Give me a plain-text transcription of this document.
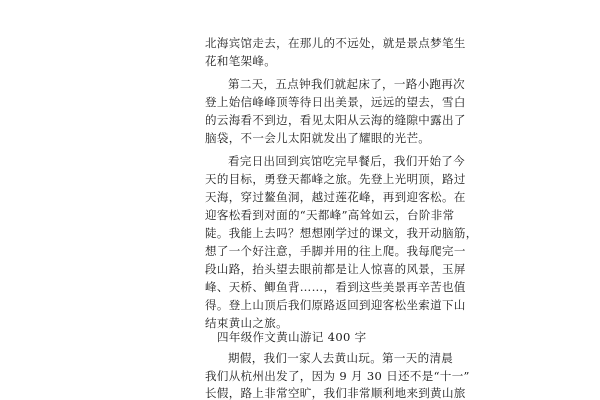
北海宾馆走去，在那儿的不远处，就是景点梦笔生
花和笔架峰。
第二天，五点钟我们就起床了，一路小跑再次
登上始信峰峰顶等待日出美景，远远的望去，雪白
的云海看不到边，看见太阳从云海的缝隙中露出了
脑袋，不一会儿太阳就发出了耀眼的光芒。
看完日出回到宾馆吃完早餐后，我们开始了今
天的目标，勇登天都峰之旅。先登上光明顶，路过
天海，穿过鳌鱼洞，越过莲花峰，再到迎客松。在
迎客松看到对面的“天都峰”高耸如云，台阶非常
陡。我能上去吗？想想刚学过的课文，我开动脑筋，
想了一个好注意，手脚并用的往上爬。我每爬完一
段山路，抬头望去眼前都是让人惊喜的风景，玉屏
峰、天桥、鲫鱼背……，看到这些美景再辛苦也值
得。登上山顶后我们原路返回到迎客松坐索道下山
结束黄山之旅。
四年级作文黄山游记 400 字
期假，我们一家人去黄山玩。第一天的清晨
我们从杭州出发了，因为 9 月 30 日还不是“十一”
长假，路上非常空旷，我们非常顺利地来到黄山旅
